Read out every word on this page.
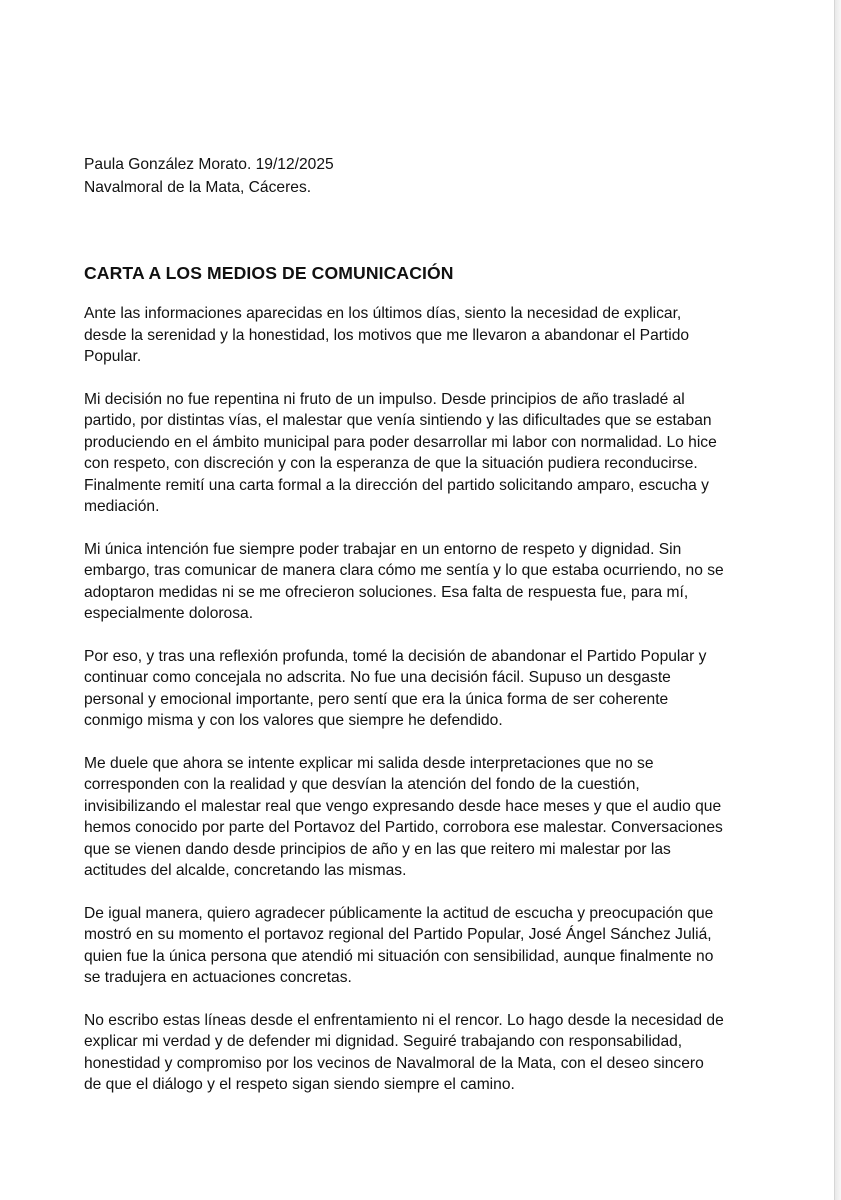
Paula González Morato. 19/12/2025

Navalmoral de la Mata, Cáceres.

CARTA A LOS MEDIOS DE COMUNICACIÓN

Ante las informaciones aparecidas en los últimos días, siento la necesidad de explicar,
desde la serenidad y la honestidad, los motivos que me llevaron a abandonar el Partido
Popular.

Mi decisión no fue repentina ni fruto de un impulso. Desde principios de año trasladé al
partido, por distintas vías, el malestar que venía sintiendo y las dificultades que se estaban
produciendo en el ámbito municipal para poder desarrollar mi labor con normalidad. Lo hice
con respeto, con discreción y con la esperanza de que la situación pudiera reconducirse.
Finalmente remití una carta formal a la dirección del partido solicitando amparo, escucha y
mediación.

Mi única intención fue siempre poder trabajar en un entorno de respeto y dignidad. Sin
embargo, tras comunicar de manera clara cómo me sentía y lo que estaba ocurriendo, no se
adoptaron medidas ni se me ofrecieron soluciones. Esa falta de respuesta fue, para mí,
especialmente dolorosa.

Por eso, y tras una reflexión profunda, tomé la decisión de abandonar el Partido Popular y
continuar como concejala no adscrita. No fue una decisión fácil. Supuso un desgaste
personal y emocional importante, pero sentí que era la única forma de ser coherente
conmigo misma y con los valores que siempre he defendido.

Me duele que ahora se intente explicar mi salida desde interpretaciones que no se
corresponden con la realidad y que desvían la atención del fondo de la cuestión,
invisibilizando el malestar real que vengo expresando desde hace meses y que el audio que
hemos conocido por parte del Portavoz del Partido, corrobora ese malestar. Conversaciones
que se vienen dando desde principios de año y en las que reitero mi malestar por las
actitudes del alcalde, concretando las mismas.

De igual manera, quiero agradecer públicamente la actitud de escucha y preocupación que
mostró en su momento el portavoz regional del Partido Popular, José Ángel Sánchez Juliá,
quien fue la única persona que atendió mi situación con sensibilidad, aunque finalmente no
se tradujera en actuaciones concretas.

No escribo estas líneas desde el enfrentamiento ni el rencor. Lo hago desde la necesidad de
explicar mi verdad y de defender mi dignidad. Seguiré trabajando con responsabilidad,
honestidad y compromiso por los vecinos de Navalmoral de la Mata, con el deseo sincero
de que el diálogo y el respeto sigan siendo siempre el camino.
